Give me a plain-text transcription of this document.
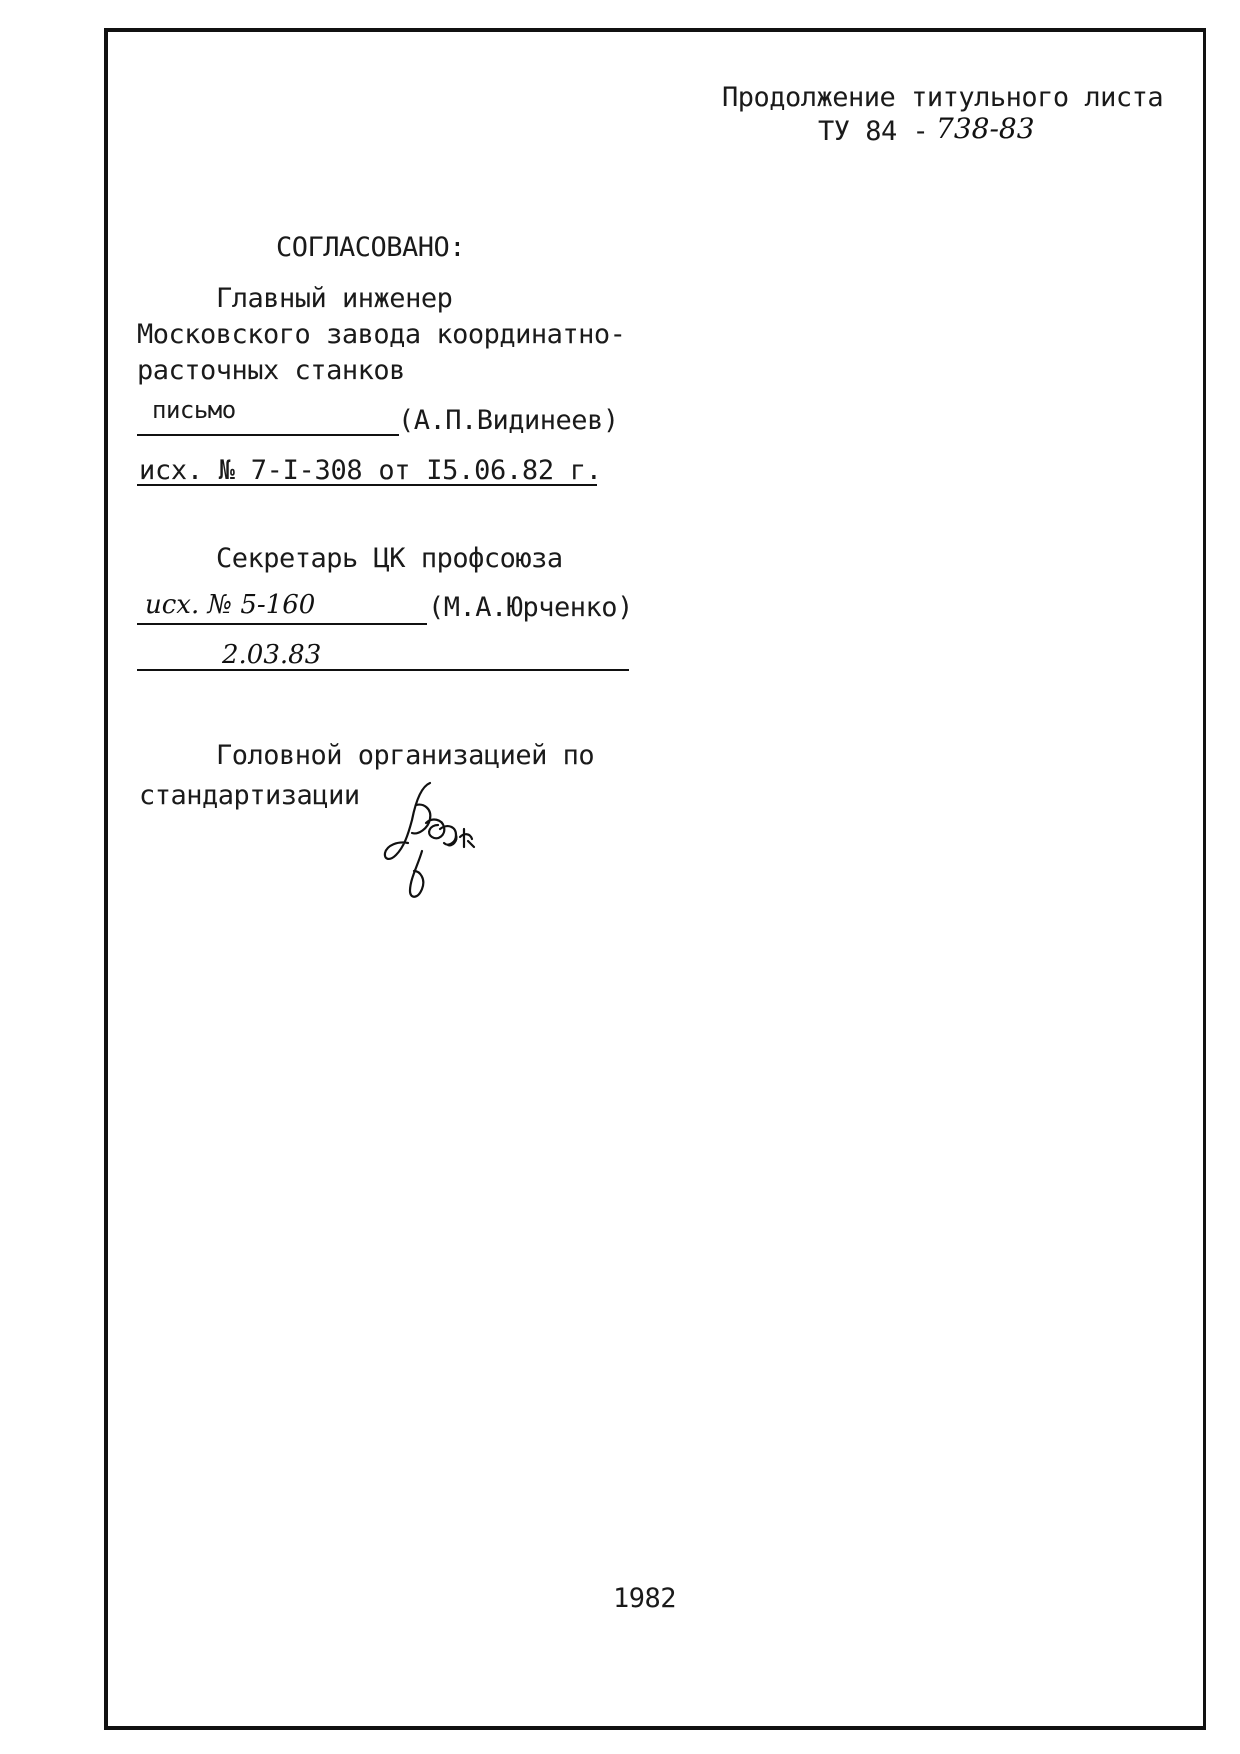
Продолжение титульного листа
ТУ 84 - 738-83
СОГЛАСОВАНО:
Главный инженер
Московского завода координатно-
расточных станков
письмо	(А.П.Видинеев)
исх. № 7-I-308 от I5.06.82 г.
Секретарь ЦК профсоюза
исх. № 5-160	(М.А.Юрченко)
2.03.83
Головной организацией по
стандартизации
1982
